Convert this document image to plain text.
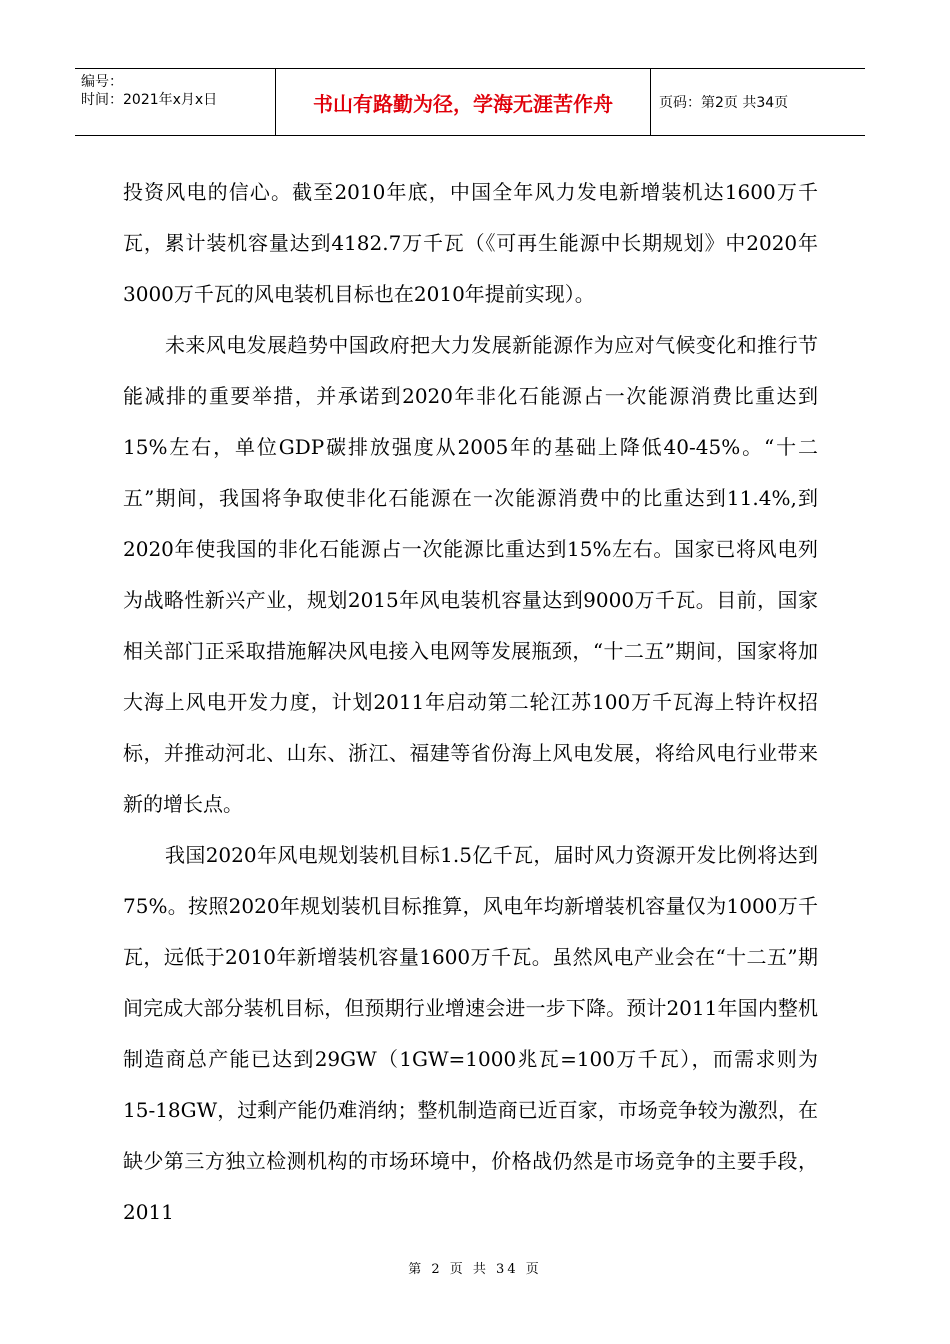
编号：
时间：2021年x月x日	书山有路勤为径，学海无涯苦作舟	页码：第2页 共34页

投资风电的信心。截至2010年底，中国全年风力发电新增装机达1600万千瓦，累计装机容量达到4182.7万千瓦（《可再生能源中长期规划》中2020年3000万千瓦的风电装机目标也在2010年提前实现）。

未来风电发展趋势中国政府把大力发展新能源作为应对气候变化和推行节能减排的重要举措，并承诺到2020年非化石能源占一次能源消费比重达到15%左右，单位GDP碳排放强度从2005年的基础上降低40-45%。“十二五”期间，我国将争取使非化石能源在一次能源消费中的比重达到11.4%,到2020年使我国的非化石能源占一次能源比重达到15%左右。国家已将风电列为战略性新兴产业，规划2015年风电装机容量达到9000万千瓦。目前，国家相关部门正采取措施解决风电接入电网等发展瓶颈，“十二五”期间，国家将加大海上风电开发力度，计划2011年启动第二轮江苏100万千瓦海上特许权招标，并推动河北、山东、浙江、福建等省份海上风电发展，将给风电行业带来新的增长点。

我国2020年风电规划装机目标1.5亿千瓦，届时风力资源开发比例将达到75%。按照2020年规划装机目标推算，风电年均新增装机容量仅为1000万千瓦，远低于2010年新增装机容量1600万千瓦。虽然风电产业会在“十二五”期间完成大部分装机目标，但预期行业增速会进一步下降。预计2011年国内整机制造商总产能已达到29GW（1GW=1000兆瓦=100万千瓦），而需求则为15-18GW，过剩产能仍难消纳；整机制造商已近百家，市场竞争较为激烈，在缺少第三方独立检测机构的市场环境中，价格战仍然是市场竞争的主要手段，2011

第 2 页 共 34 页
